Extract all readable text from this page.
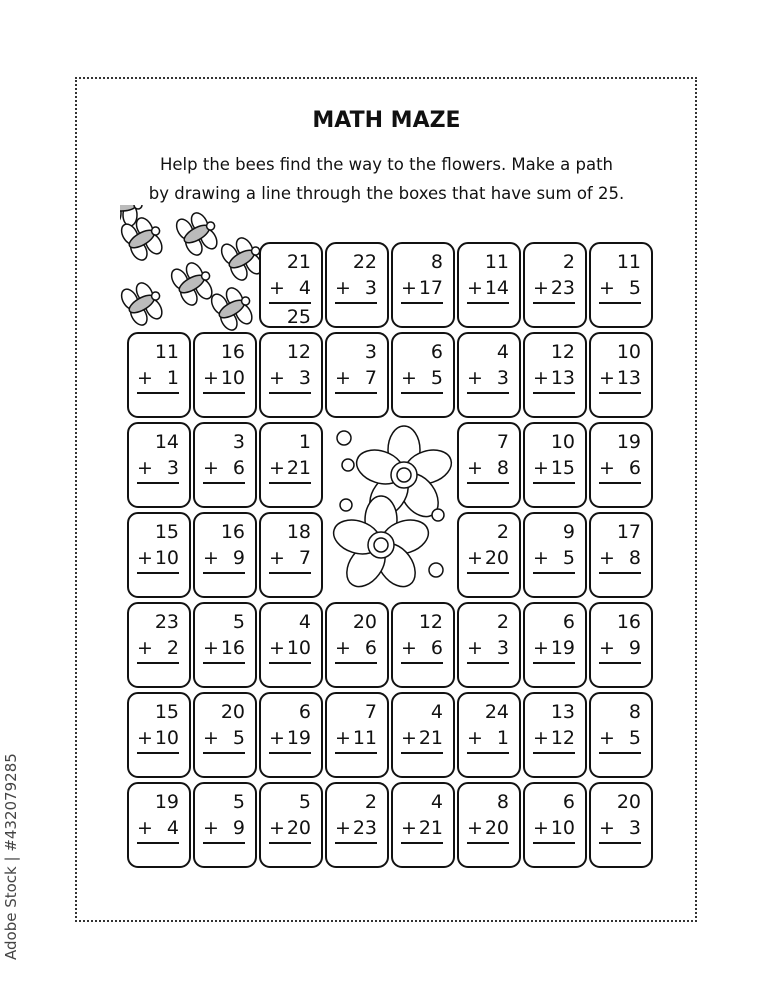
MATH MAZE
Help the bees find the way to the flowers. Make a path
by drawing a line through the boxes that have sum of 25.
Adobe Stock | #432079285
21
+ 4
25
22
+ 3
8
+ 17
11
+ 14
2
+ 23
11
+ 5
11
+ 1
16
+ 10
12
+ 3
3
+ 7
6
+ 5
4
+ 3
12
+ 13
10
+ 13
14
+ 3
3
+ 6
1
+ 21
7
+ 8
10
+ 15
19
+ 6
15
+ 10
16
+ 9
18
+ 7
2
+ 20
9
+ 5
17
+ 8
23
+ 2
5
+ 16
4
+ 10
20
+ 6
12
+ 6
2
+ 3
6
+ 19
16
+ 9
15
+ 10
20
+ 5
6
+ 19
7
+ 11
4
+ 21
24
+ 1
13
+ 12
8
+ 5
19
+ 4
5
+ 9
5
+ 20
2
+ 23
4
+ 21
8
+ 20
6
+ 10
20
+ 3
